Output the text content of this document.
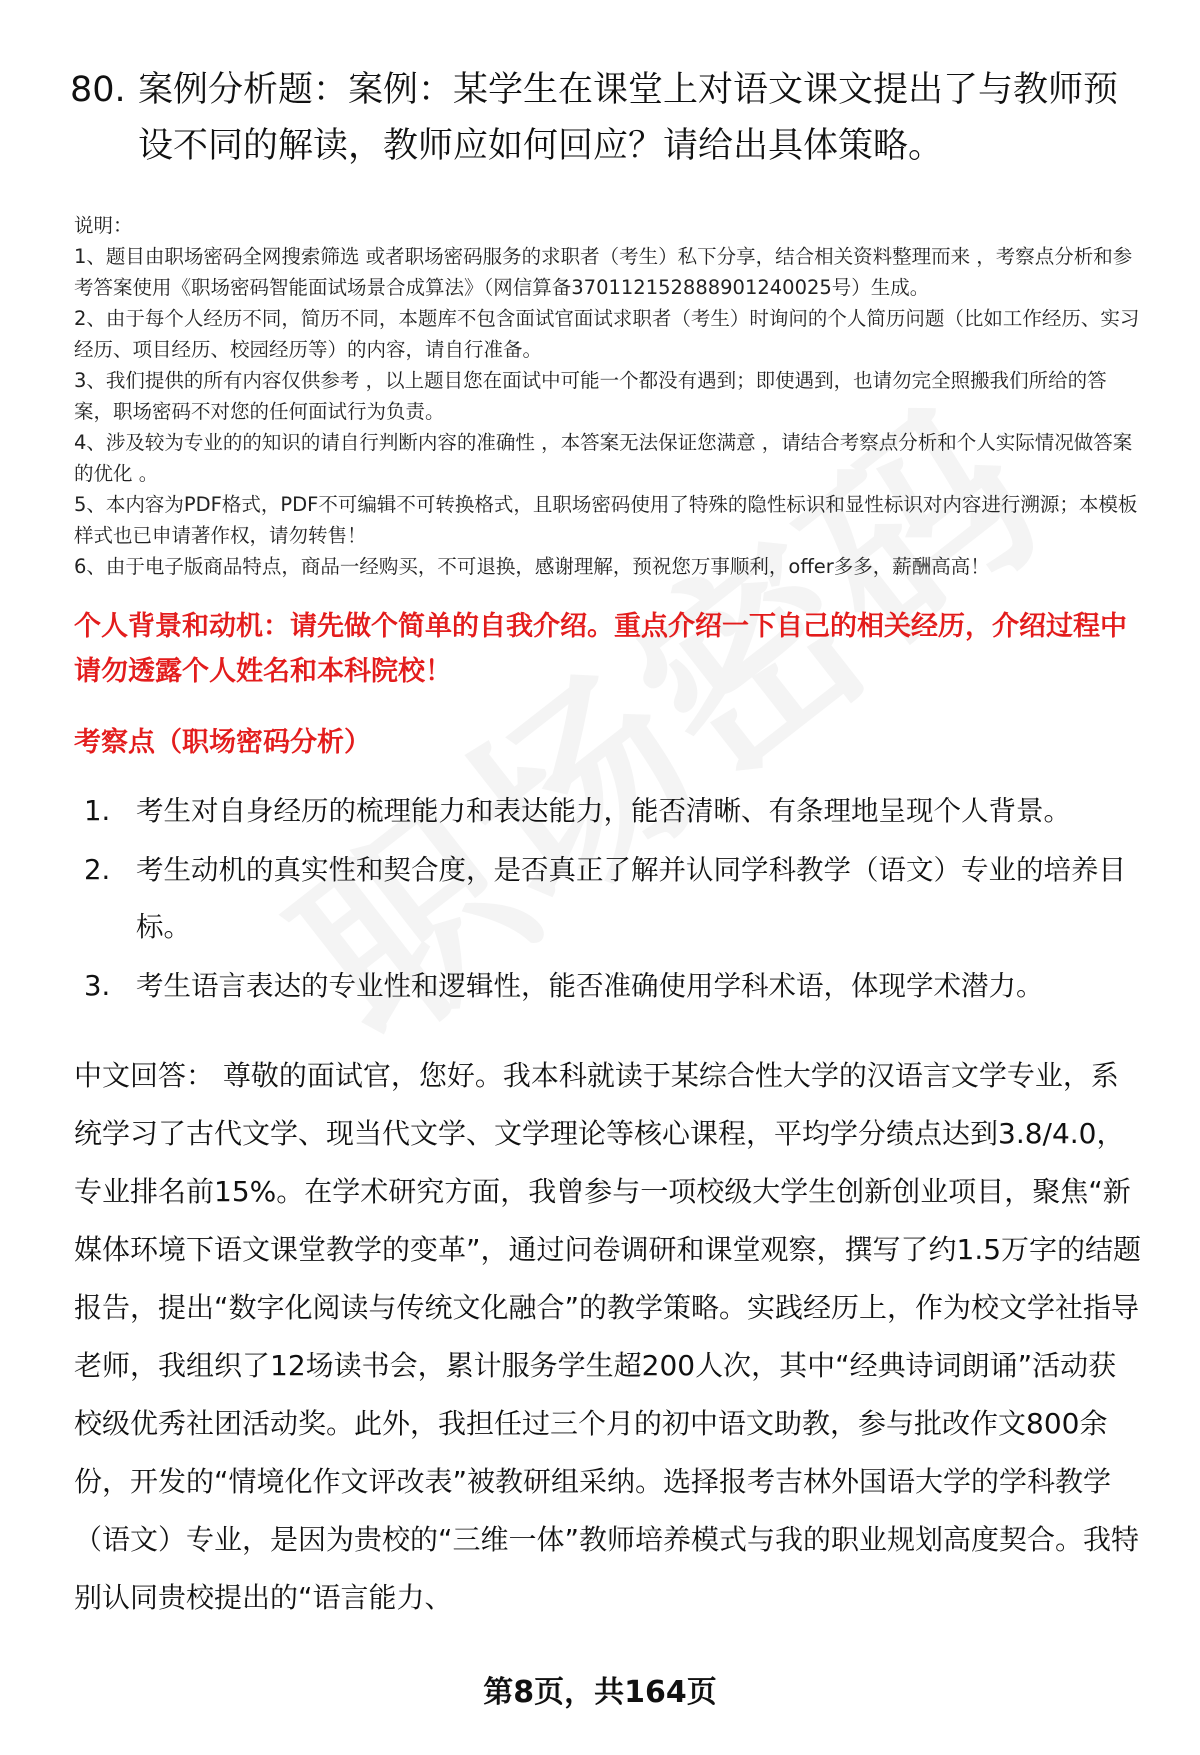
80. 案例分析题：案例：某学生在课堂上对语文课文提出了与教师预设不同的解读，教师应如何回应？请给出具体策略。

说明：

1、题目由职场密码全网搜索筛选 或者职场密码服务的求职者（考生）私下分享，结合相关资料整理而来 ，考察点分析和参考答案使用《职场密码智能面试场景合成算法》（网信算备370112152888901240025号）生成。

2、由于每个人经历不同，简历不同，本题库不包含面试官面试求职者（考生）时询问的个人简历问题（比如工作经历、实习经历、项目经历、校园经历等）的内容，请自行准备。

3、我们提供的所有内容仅供参考 ，以上题目您在面试中可能一个都没有遇到；即使遇到，也请勿完全照搬我们所给的答案，职场密码不对您的任何面试行为负责。

4、涉及较为专业的的知识的请自行判断内容的准确性 ，本答案无法保证您满意 ，请结合考察点分析和个人实际情况做答案的优化 。

5、本内容为PDF格式，PDF不可编辑不可转换格式，且职场密码使用了特殊的隐性标识和显性标识对内容进行溯源；本模板样式也已申请著作权，请勿转售！

6、由于电子版商品特点，商品一经购买，不可退换，感谢理解，预祝您万事顺利，offer多多，薪酬高高！

个人背景和动机：请先做个简单的自我介绍。重点介绍一下自己的相关经历，介绍过程中请勿透露个人姓名和本科院校！
考察点（职场密码分析）
1. 考生对自身经历的梳理能力和表达能力，能否清晰、有条理地呈现个人背景。
2. 考生动机的真实性和契合度，是否真正了解并认同学科教学（语文）专业的培养目标。
3. 考生语言表达的专业性和逻辑性，能否准确使用学科术语，体现学术潜力。
中文回答： 尊敬的面试官，您好。我本科就读于某综合性大学的汉语言文学专业，系统学习了古代文学、现当代文学、文学理论等核心课程，平均学分绩点达到3.8/4.0，专业排名前15%。在学术研究方面，我曾参与一项校级大学生创新创业项目，聚焦“新媒体环境下语文课堂教学的变革”，通过问卷调研和课堂观察，撰写了约1.5万字的结题报告，提出“数字化阅读与传统文化融合”的教学策略。实践经历上，作为校文学社指导老师，我组织了12场读书会，累计服务学生超200人次，其中“经典诗词朗诵”活动获校级优秀社团活动奖。此外，我担任过三个月的初中语文助教，参与批改作文800余份，开发的“情境化作文评改表”被教研组采纳。选择报考吉林外国语大学的学科教学（语文）专业，是因为贵校的“三维一体”教师培养模式与我的职业规划高度契合。我特别认同贵校提出的“语言能力、
第8页，共164页
